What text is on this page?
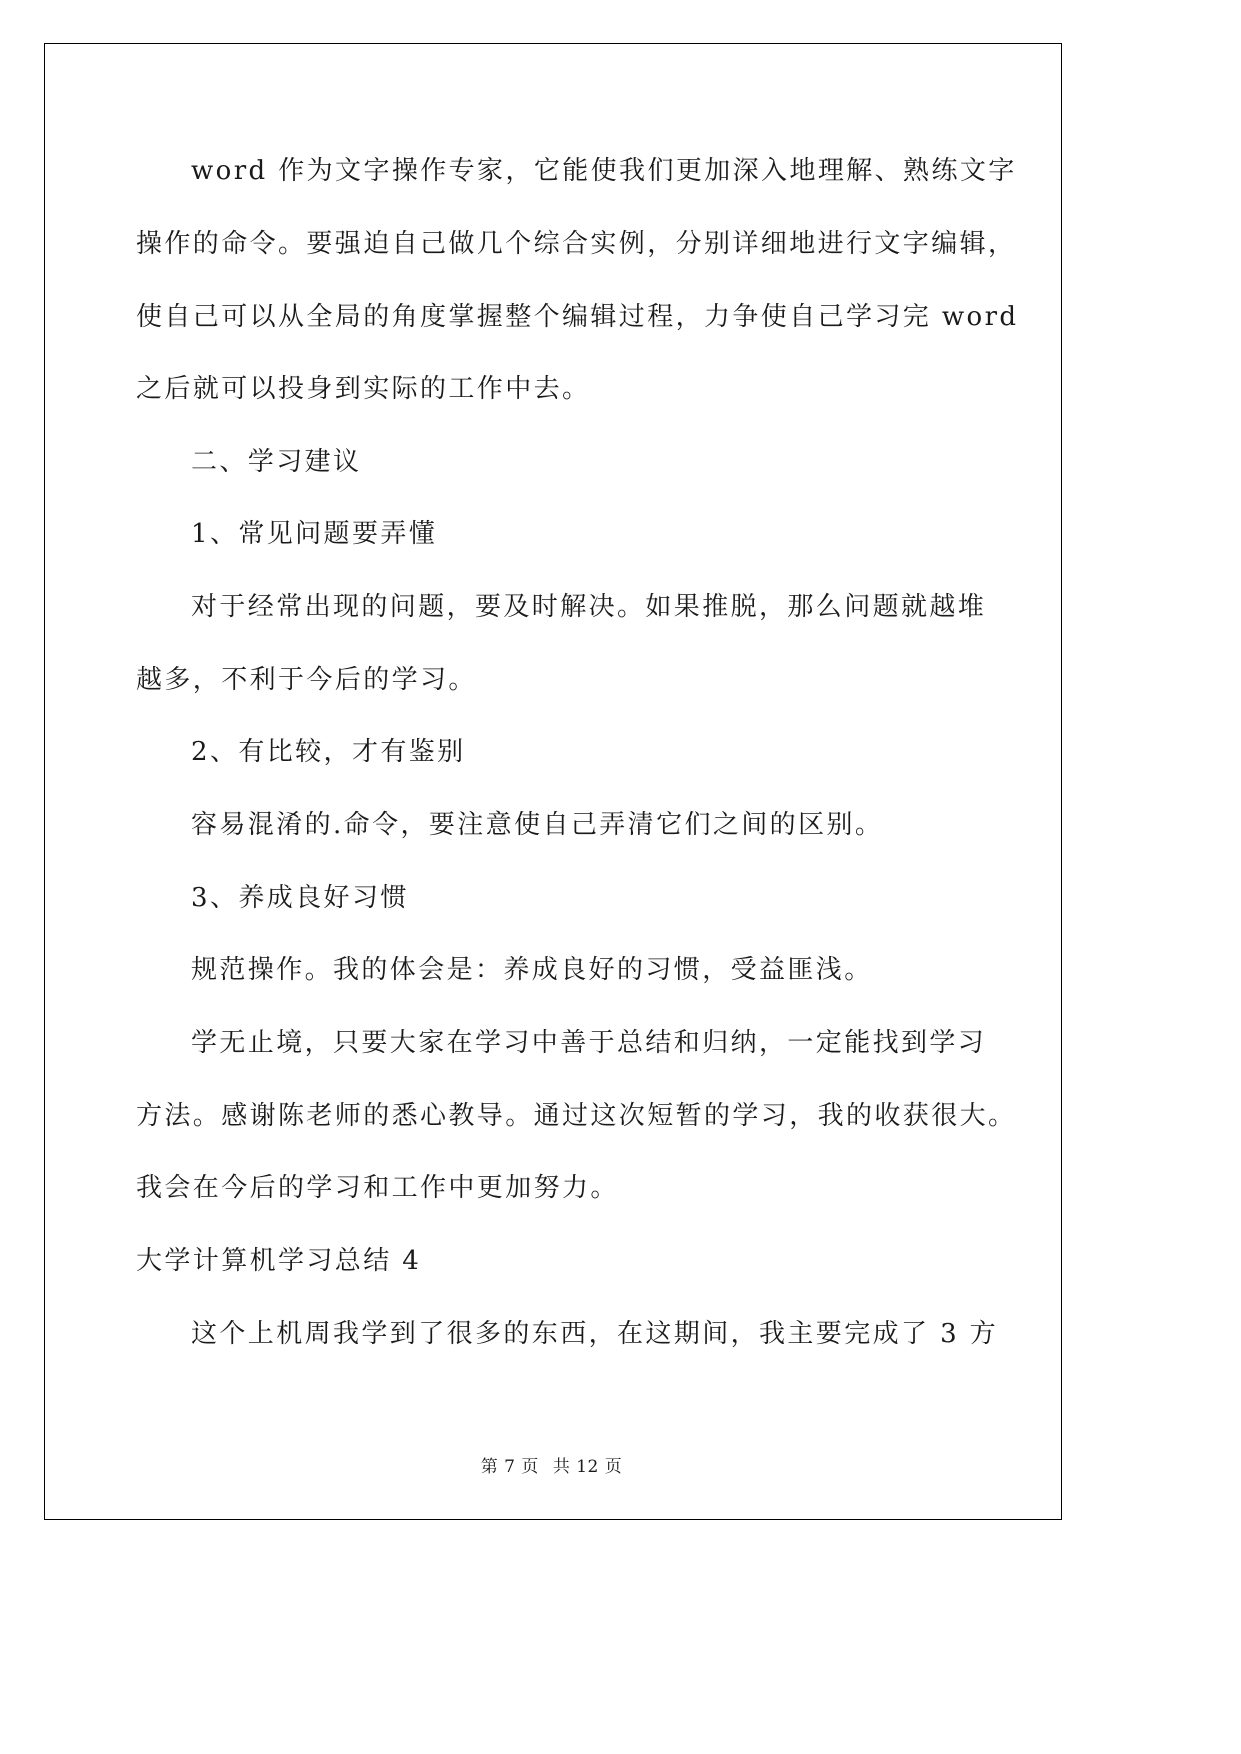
word 作为文字操作专家，它能使我们更加深入地理解、熟练文字
操作的命令。要强迫自己做几个综合实例，分别详细地进行文字编辑，
使自己可以从全局的角度掌握整个编辑过程，力争使自己学习完 word
之后就可以投身到实际的工作中去。
二、学习建议
1、常见问题要弄懂
对于经常出现的问题，要及时解决。如果推脱，那么问题就越堆
越多，不利于今后的学习。
2、有比较，才有鉴别
容易混淆的.命令，要注意使自己弄清它们之间的区别。
3、养成良好习惯
规范操作。我的体会是：养成良好的习惯，受益匪浅。
学无止境，只要大家在学习中善于总结和归纳，一定能找到学习
方法。感谢陈老师的悉心教导。通过这次短暂的学习，我的收获很大。
我会在今后的学习和工作中更加努力。
大学计算机学习总结 4
这个上机周我学到了很多的东西，在这期间，我主要完成了 3 方
第 7 页 共 12 页
